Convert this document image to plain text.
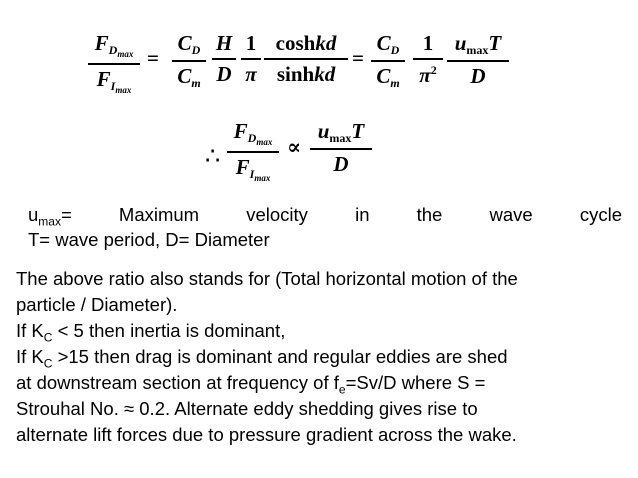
$F_{D_{max}}$
$F_{I_{max}}$
=
$C_D$
$C_m$
H
D
1
π
coshkd
sinhkd
=
$C_D$
$C_m$
1
$\pi^2$
$u_{max}T$
D
∴
$F_{D_{max}}$
$F_{I_{max}}$
∝
$u_{max}T$
D
$u_{max}=$	Maximum	velocity	in	the	wave	cycle
T= wave period, D= Diameter
The above ratio also stands for (Total horizontal motion of the
particle / Diameter).
If $K_C < 5$ then inertia is dominant,
If $K_C >15$ then drag is dominant and regular eddies are shed
at downstream section at frequency of $f_e=Sv/D$ where S =
Strouhal No. ≈ 0.2. Alternate eddy shedding gives rise to
alternate lift forces due to pressure gradient across the wake.
